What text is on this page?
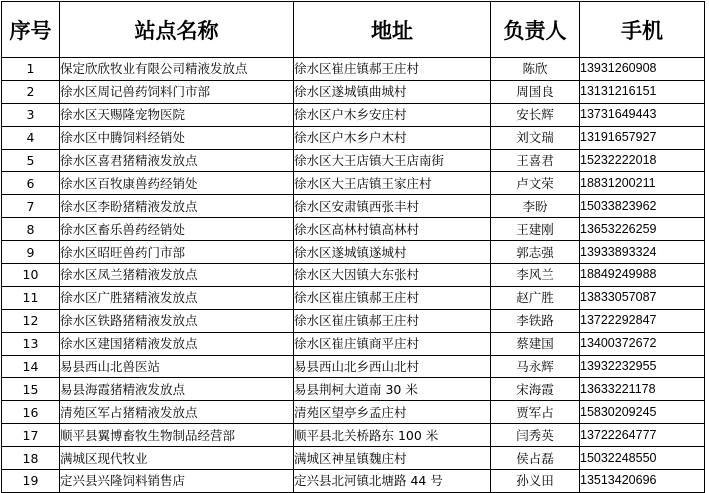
序号	站点名称	地址	负责人	手机
1	保定欣欣牧业有限公司精液发放点	徐水区崔庄镇郝王庄村	陈欣	13931260908
2	徐水区周记兽药饲料门市部	徐水区遂城镇曲城村	周国良	13131216151
3	徐水区天赐隆宠物医院	徐水区户木乡安庄村	安长辉	13731649443
4	徐水区中腾饲料经销处	徐水区户木乡户木村	刘文瑞	13191657927
5	徐水区喜君猪精液发放点	徐水区大王店镇大王店南街	王喜君	15232222018
6	徐水区百牧康兽药经销处	徐水区大王店镇王家庄村	卢文荣	18831200211
7	徐水区李盼猪精液发放点	徐水区安肃镇西张丰村	李盼	15033823962
8	徐水区畜乐兽药经销处	徐水区高林村镇高林村	王建刚	13653226259
9	徐水区昭旺兽药门市部	徐水区遂城镇遂城村	郭志强	13933893324
10	徐水区凤兰猪精液发放点	徐水区大因镇大东张村	李风兰	18849249988
11	徐水区广胜猪精液发放点	徐水区崔庄镇郝王庄村	赵广胜	13833057087
12	徐水区铁路猪精液发放点	徐水区崔庄镇郝王庄村	李铁路	13722292847
13	徐水区建国猪精液发放点	徐水区崔庄镇商平庄村	蔡建国	13400372672
14	易县西山北兽医站	易县西山北乡西山北村	马永辉	13932232955
15	易县海霞猪精液发放点	易县荆柯大道南 30 米	宋海霞	13633221178
16	清苑区军占猪精液发放点	清苑区望亭乡孟庄村	贾军占	15830209245
17	顺平县翼博畜牧生物制品经营部	顺平县北关桥路东 100 米	闫秀英	13722264777
18	满城区现代牧业	满城区神星镇魏庄村	侯占磊	15032248550
19	定兴县兴隆饲料销售店	定兴县北河镇北塘路 44 号	孙义田	13513420696
